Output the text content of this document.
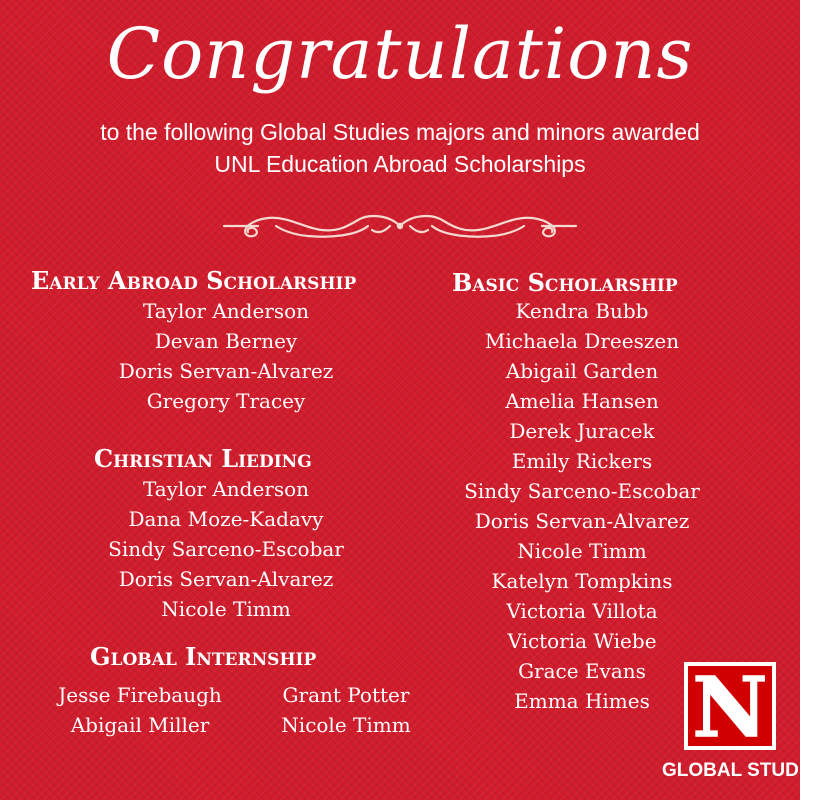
Congratulations
to the following Global Studies majors and minors awarded
UNL Education Abroad Scholarships
Early Abroad Scholarship
Taylor Anderson
Devan Berney
Doris Servan-Alvarez
Gregory Tracey
Christian Lieding
Taylor Anderson
Dana Moze-Kadavy
Sindy Sarceno-Escobar
Doris Servan-Alvarez
Nicole Timm
Global Internship
Jesse Firebaugh
Abigail Miller
Grant Potter
Nicole Timm
Basic Scholarship
Kendra Bubb
Michaela Dreeszen
Abigail Garden
Amelia Hansen
Derek Juracek
Emily Rickers
Sindy Sarceno-Escobar
Doris Servan-Alvarez
Nicole Timm
Katelyn Tompkins
Victoria Villota
Victoria Wiebe
Grace Evans
Emma Himes N
GLOBAL STUDIES
